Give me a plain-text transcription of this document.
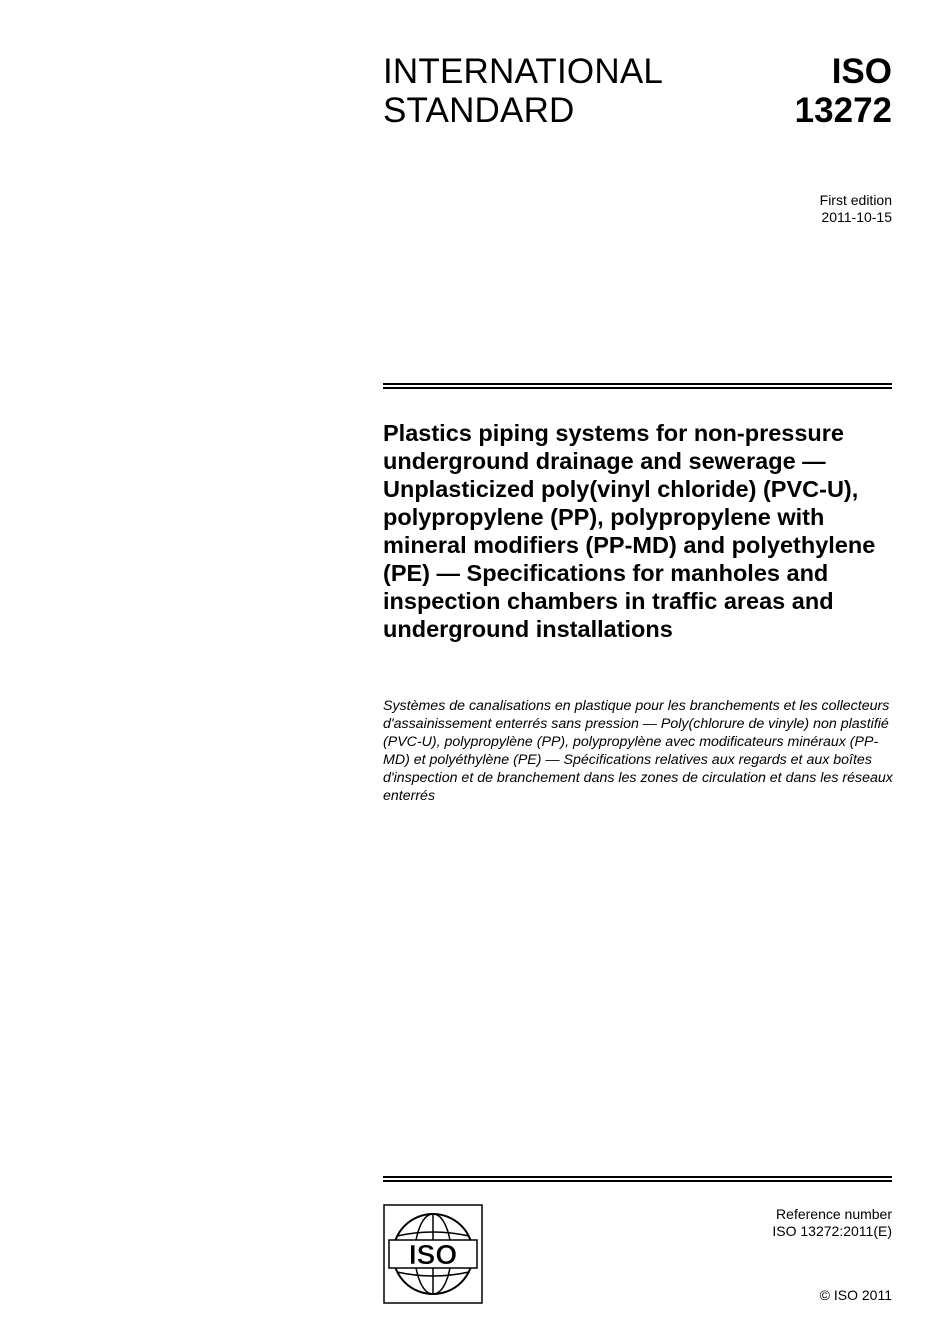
INTERNATIONAL
STANDARD
ISO
13272
First edition
2011-10-15
Plastics piping systems for non-pressure underground drainage and sewerage — Unplasticized poly(vinyl chloride) (PVC-U), polypropylene (PP), polypropylene with mineral modifiers (PP-MD) and polyethylene (PE) — Specifications for manholes and inspection chambers in traffic areas and underground installations
Systèmes de canalisations en plastique pour les branchements et les collecteurs d'assainissement enterrés sans pression — Poly(chlorure de vinyle) non plastifié (PVC-U), polypropylène (PP), polypropylène avec modificateurs minéraux (PP-MD) et polyéthylène (PE) — Spécifications relatives aux regards et aux boîtes d'inspection et de branchement dans les zones de circulation et dans les réseaux enterrés
ISO
Reference number
ISO 13272:2011(E)
© ISO 2011
